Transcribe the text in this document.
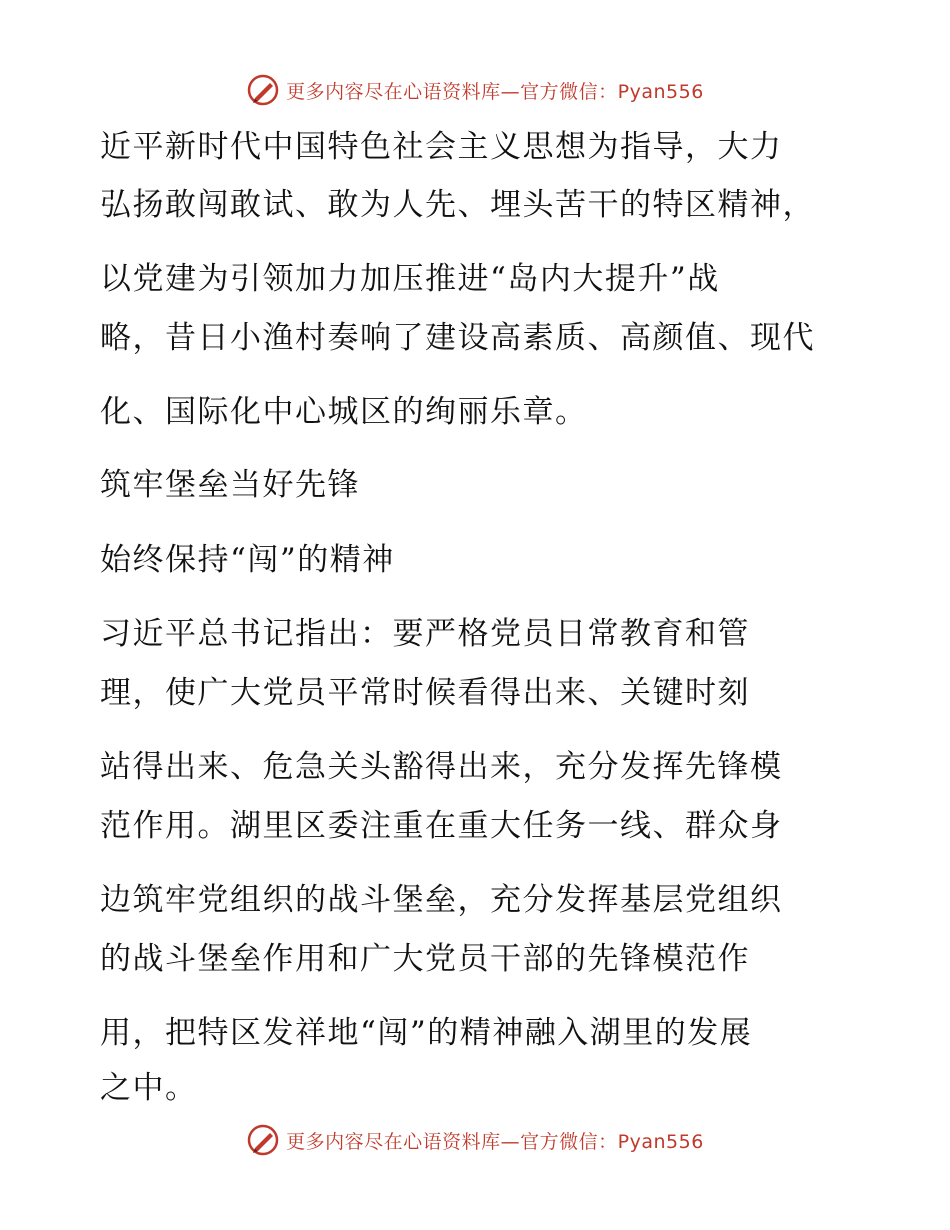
更多内容尽在心语资料库—官方微信：Pyan556
近平新时代中国特色社会主义思想为指导，大力
弘扬敢闯敢试、敢为人先、埋头苦干的特区精神，
以党建为引领加力加压推进“岛内大提升”战
略，昔日小渔村奏响了建设高素质、高颜值、现代
化、国际化中心城区的绚丽乐章。
筑牢堡垒当好先锋
始终保持“闯”的精神
习近平总书记指出：要严格党员日常教育和管
理，使广大党员平常时候看得出来、关键时刻
站得出来、危急关头豁得出来，充分发挥先锋模
范作用。湖里区委注重在重大任务一线、群众身
边筑牢党组织的战斗堡垒，充分发挥基层党组织
的战斗堡垒作用和广大党员干部的先锋模范作
用，把特区发祥地“闯”的精神融入湖里的发展
之中。
更多内容尽在心语资料库—官方微信：Pyan556
